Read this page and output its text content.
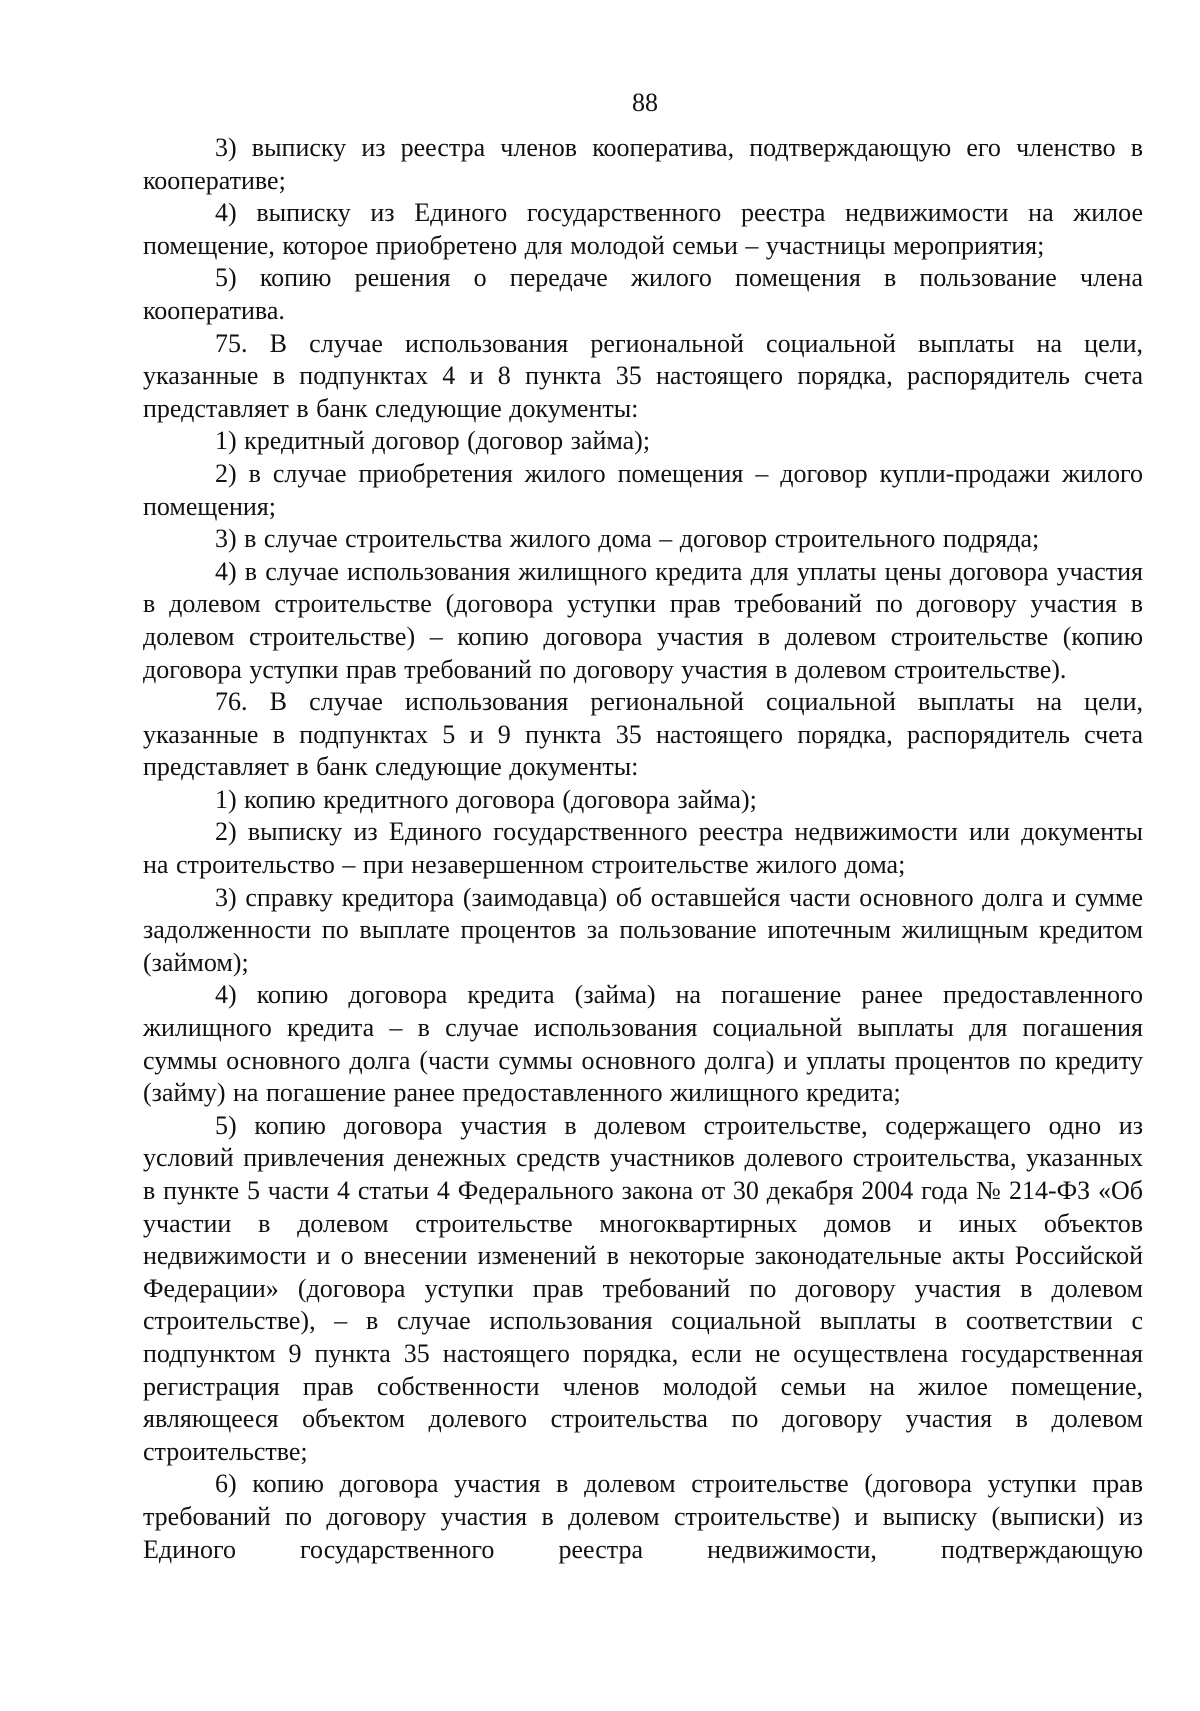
88

3) выписку из реестра членов кооператива, подтверждающую его членство в кооперативе;

4) выписку из Единого государственного реестра недвижимости на жилое помещение, которое приобретено для молодой семьи – участницы мероприятия;

5) копию решения о передаче жилого помещения в пользование члена кооператива.

75. В случае использования региональной социальной выплаты на цели, указанные в подпунктах 4 и 8 пункта 35 настоящего порядка, распорядитель счета представляет в банк следующие документы:

1) кредитный договор (договор займа);

2) в случае приобретения жилого помещения – договор купли-продажи жилого помещения;

3) в случае строительства жилого дома – договор строительного подряда;

4) в случае использования жилищного кредита для уплаты цены договора участия в долевом строительстве (договора уступки прав требований по договору участия в долевом строительстве) – копию договора участия в долевом строительстве (копию договора уступки прав требований по договору участия в долевом строительстве).

76. В случае использования региональной социальной выплаты на цели, указанные в подпунктах 5 и 9 пункта 35 настоящего порядка, распорядитель счета представляет в банк следующие документы:

1) копию кредитного договора (договора займа);

2) выписку из Единого государственного реестра недвижимости или документы на строительство – при незавершенном строительстве жилого дома;

3) справку кредитора (заимодавца) об оставшейся части основного долга и сумме задолженности по выплате процентов за пользование ипотечным жилищным кредитом (займом);

4) копию договора кредита (займа) на погашение ранее предоставленного жилищного кредита – в случае использования социальной выплаты для погашения суммы основного долга (части суммы основного долга) и уплаты процентов по кредиту (займу) на погашение ранее предоставленного жилищного кредита;

5) копию договора участия в долевом строительстве, содержащего одно из условий привлечения денежных средств участников долевого строительства, указанных в пункте 5 части 4 статьи 4 Федерального закона от 30 декабря 2004 года № 214-ФЗ «Об участии в долевом строительстве многоквартирных домов и иных объектов недвижимости и о внесении изменений в некоторые законодательные акты Российской Федерации» (договора уступки прав требований по договору участия в долевом строительстве), – в случае использования социальной выплаты в соответствии с подпунктом 9 пункта 35 настоящего порядка, если не осуществлена государственная регистрация прав собственности членов молодой семьи на жилое помещение, являющееся объектом долевого строительства по договору участия в долевом строительстве;

6) копию договора участия в долевом строительстве (договора уступки прав требований по договору участия в долевом строительстве) и выписку (выписки) из Единого государственного реестра недвижимости, подтверждающую
